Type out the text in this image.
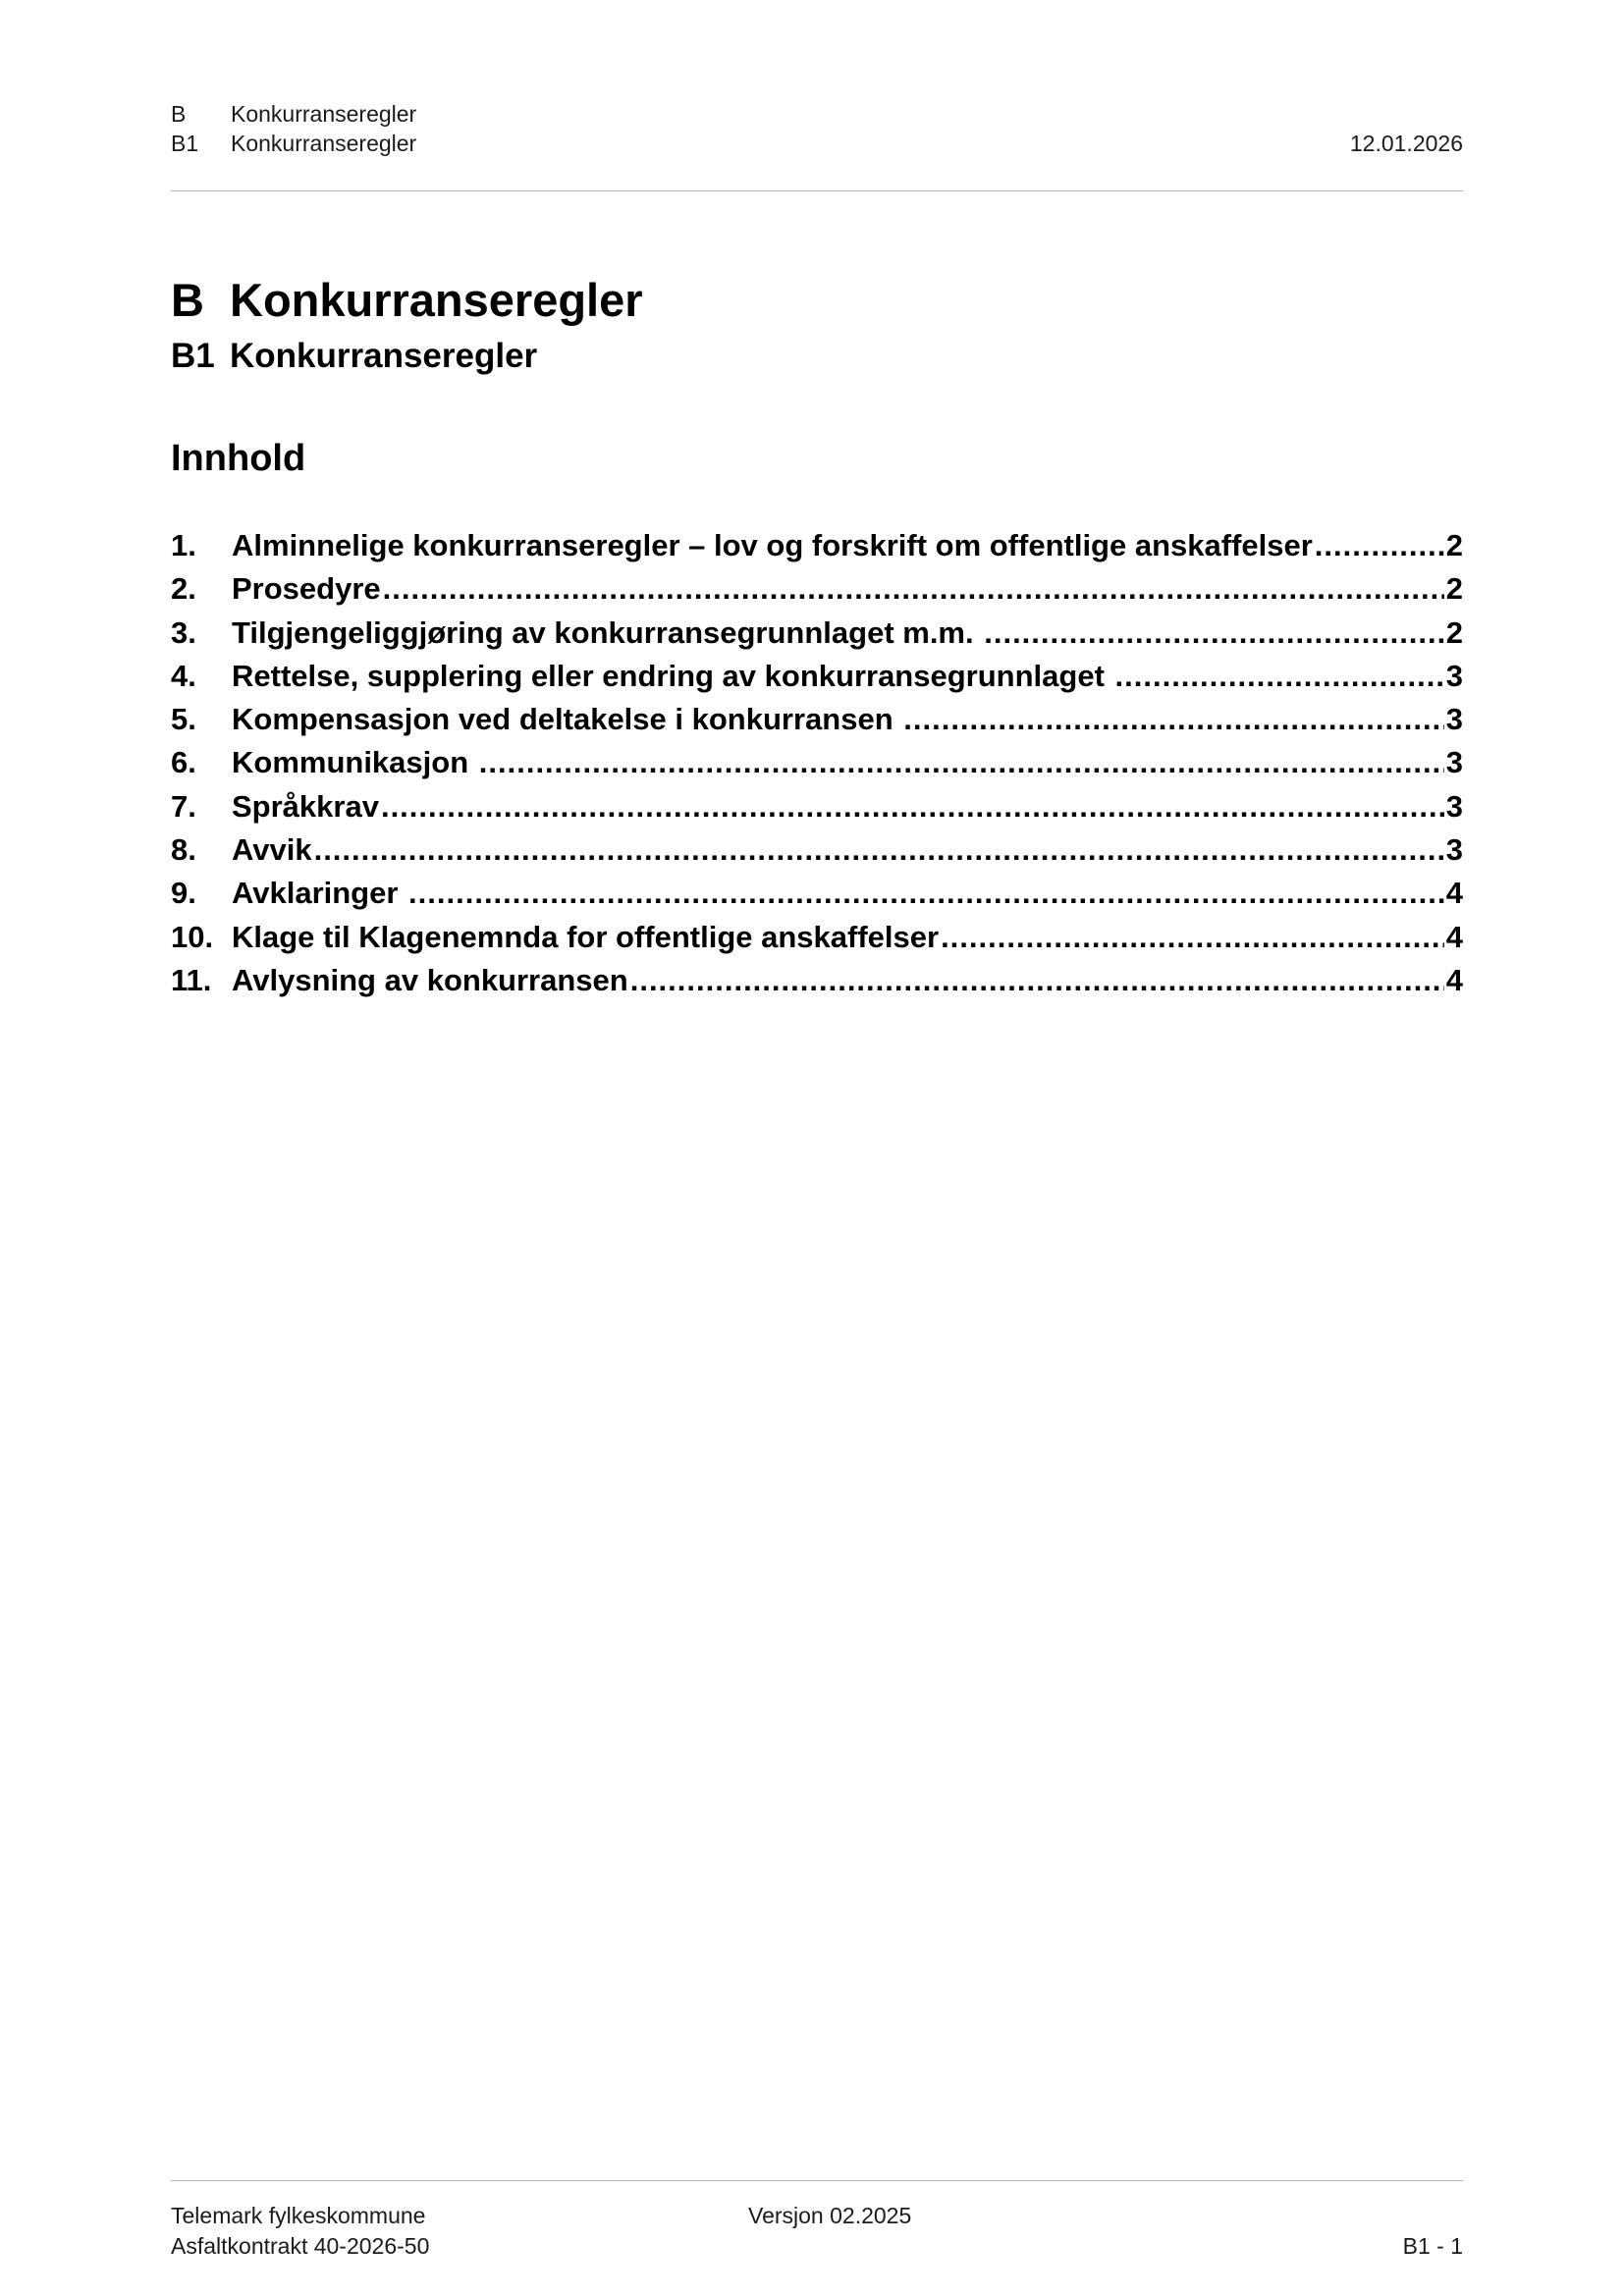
B Konkurranseregler
B1 Konkurranseregler	12.01.2026
B Konkurranseregler
B1 Konkurranseregler
Innhold
1.	Alminnelige konkurranseregler – lov og forskrift om offentlige anskaffelser .....	2
2.	Prosedyre .....	2
3.	Tilgjengeliggjøring av konkurransegrunnlaget m.m. .....	2
4.	Rettelse, supplering eller endring av konkurransegrunnlaget .....	3
5.	Kompensasjon ved deltakelse i konkurransen .....	3
6.	Kommunikasjon .....	3
7.	Språkkrav .....	3
8.	Avvik .....	3
9.	Avklaringer .....	4
10. Klage til Klagenemnda for offentlige anskaffelser .....	4
11. Avlysning av konkurransen .....	4
Telemark fylkeskommune	Versjon 02.2025
Asfaltkontrakt 40-2026-50	B1 - 1
